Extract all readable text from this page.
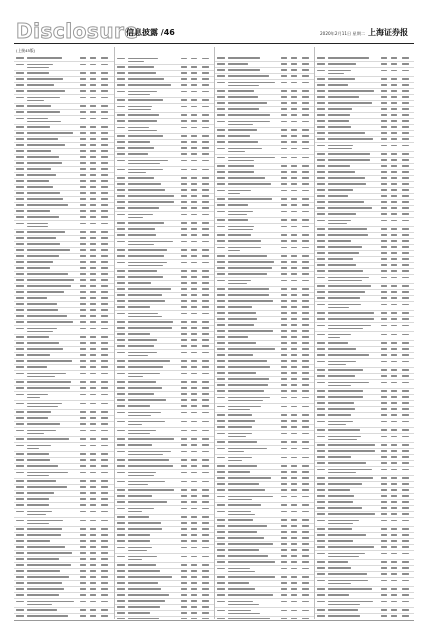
Disclosure
信息披露 /46	2020年2月11日 星期二 上海证券报
(上接45版)
